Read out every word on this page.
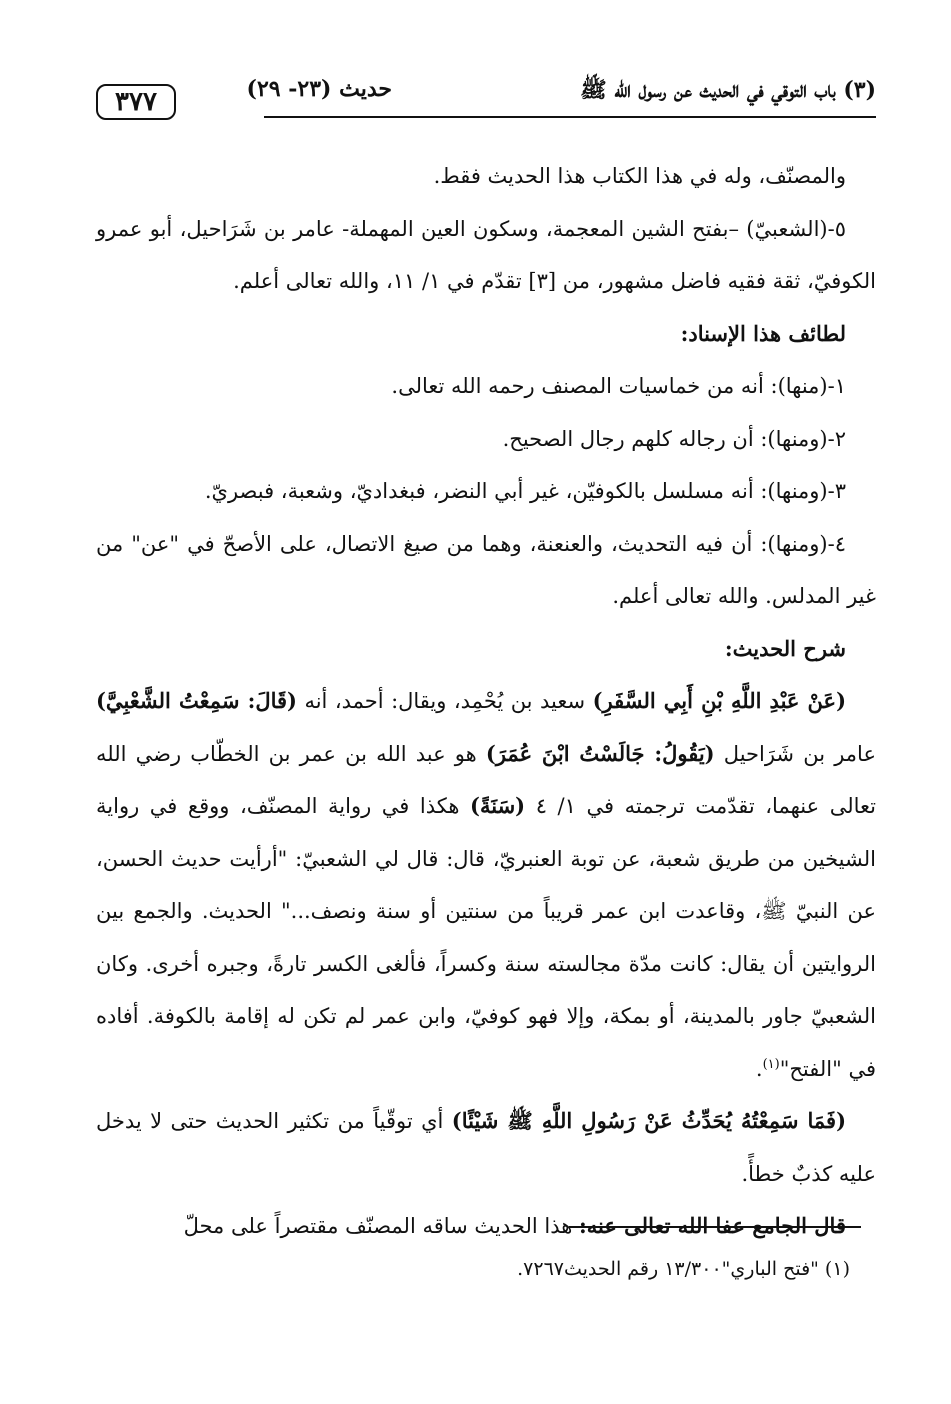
٣٧٧	حديث (٢٣- ٢٩)	(٣) باب التوقي في الحديث عن رسول الله ﷺ

والمصنّف، وله في هذا الكتاب هذا الحديث فقط.

٥-(الشعبيّ) –بفتح الشين المعجمة، وسكون العين المهملة- عامر بن شَرَاحيل، أبو عمرو الكوفيّ، ثقة فقيه فاضل مشهور، من [٣] تقدّم في ١/ ١١، والله تعالى أعلم.

لطائف هذا الإسناد:

١-(منها): أنه من خماسيات المصنف رحمه الله تعالى.

٢-(ومنها): أن رجاله كلهم رجال الصحيح.

٣-(ومنها): أنه مسلسل بالكوفيّن، غير أبي النضر، فبغداديّ، وشعبة، فبصريّ.

٤-(ومنها): أن فيه التحديث، والعنعنة، وهما من صيغ الاتصال، على الأصحّ في "عن" من غير المدلس. والله تعالى أعلم.

شرح الحديث:

(عَنْ عَبْدِ اللَّهِ بْنِ أَبِي السَّفَرِ) سعيد بن يُحْمِد، ويقال: أحمد، أنه (قَالَ: سَمِعْتُ الشَّعْبِيَّ) عامر بن شَرَاحيل (يَقُولُ: جَالَسْتُ ابْنَ عُمَرَ) هو عبد الله بن عمر بن الخطّاب رضي الله تعالى عنهما، تقدّمت ترجمته في ١/ ٤ (سَنَةً) هكذا في رواية المصنّف، ووقع في رواية الشيخين من طريق شعبة، عن توبة العنبريّ، قال: قال لي الشعبيّ: "أرأيت حديث الحسن، عن النبيّ ﷺ، وقاعدت ابن عمر قريباً من سنتين أو سنة ونصف..." الحديث. والجمع بين الروايتين أن يقال: كانت مدّة مجالسته سنة وكسراً، فألغى الكسر تارةً، وجبره أخرى. وكان الشعبيّ جاور بالمدينة، أو بمكة، وإلا فهو كوفيّ، وابن عمر لم تكن له إقامة بالكوفة. أفاده في "الفتح"$^{(١)}$.

(فَمَا سَمِعْتُهُ يُحَدِّثُ عَنْ رَسُولِ اللَّهِ ﷺ شَيْئًا) أي توقّياً من تكثير الحديث حتى لا يدخل عليه كذبٌ خطأً.

قال الجامع عفا الله تعالى عنه: هذا الحديث ساقه المصنّف مقتصراً على محلّ

(١) "فتح الباري"١٣/٣٠٠ رقم الحديث٧٢٦٧.
